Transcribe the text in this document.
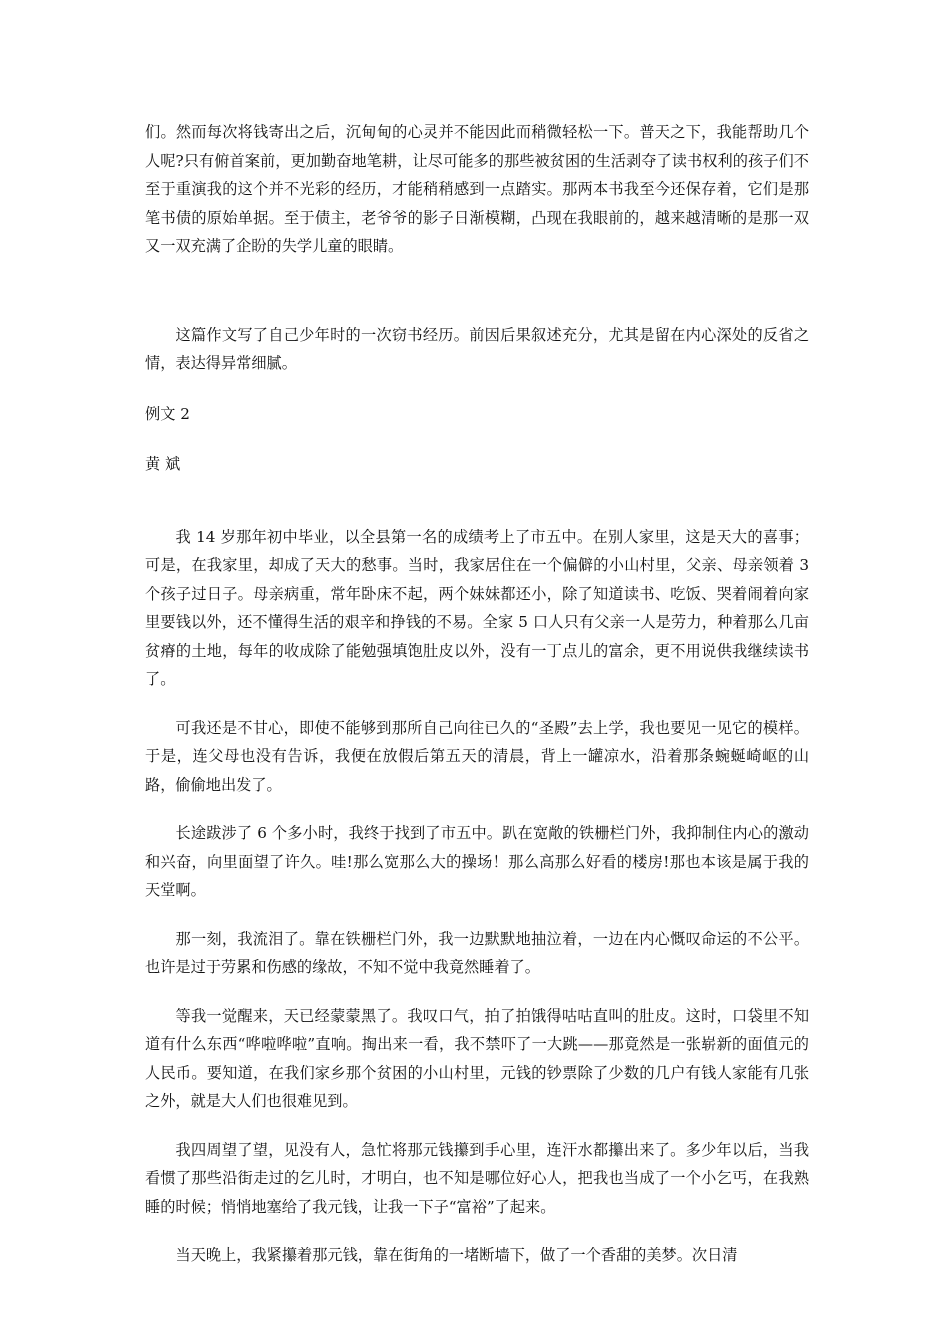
们。然而每次将钱寄出之后，沉甸甸的心灵并不能因此而稍微轻松一下。普天之下，我能帮助几个人呢?只有俯首案前，更加勤奋地笔耕，让尽可能多的那些被贫困的生活剥夺了读书权利的孩子们不至于重演我的这个并不光彩的经历，才能稍稍感到一点踏实。那两本书我至今还保存着，它们是那笔书债的原始单据。至于债主，老爷爷的影子日渐模糊，凸现在我眼前的，越来越清晰的是那一双又一双充满了企盼的失学儿童的眼睛。

这篇作文写了自己少年时的一次窃书经历。前因后果叙述充分，尤其是留在内心深处的反省之情，表达得异常细腻。

例文 2

黄 斌

我 14 岁那年初中毕业，以全县第一名的成绩考上了市五中。在别人家里，这是天大的喜事；可是，在我家里，却成了天大的愁事。当时，我家居住在一个偏僻的小山村里，父亲、母亲领着 3 个孩子过日子。母亲病重，常年卧床不起，两个妹妹都还小，除了知道读书、吃饭、哭着闹着向家里要钱以外，还不懂得生活的艰辛和挣钱的不易。全家 5 口人只有父亲一人是劳力，种着那么几亩贫瘠的土地，每年的收成除了能勉强填饱肚皮以外，没有一丁点儿的富余，更不用说供我继续读书了。

可我还是不甘心，即使不能够到那所自己向往已久的“圣殿”去上学，我也要见一见它的模样。于是，连父母也没有告诉，我便在放假后第五天的清晨，背上一罐凉水，沿着那条蜿蜒崎岖的山路，偷偷地出发了。

长途跋涉了 6 个多小时，我终于找到了市五中。趴在宽敞的铁栅栏门外，我抑制住内心的激动和兴奋，向里面望了许久。哇!那么宽那么大的操场！那么高那么好看的楼房!那也本该是属于我的天堂啊。

那一刻，我流泪了。靠在铁栅栏门外，我一边默默地抽泣着，一边在内心慨叹命运的不公平。也许是过于劳累和伤感的缘故，不知不觉中我竟然睡着了。

等我一觉醒来，天已经蒙蒙黑了。我叹口气，拍了拍饿得咕咕直叫的肚皮。这时，口袋里不知道有什么东西“哗啦哗啦”直响。掏出来一看，我不禁吓了一大跳——那竟然是一张崭新的面值元的人民币。要知道，在我们家乡那个贫困的小山村里，元钱的钞票除了少数的几户有钱人家能有几张之外，就是大人们也很难见到。

我四周望了望，见没有人，急忙将那元钱攥到手心里，连汗水都攥出来了。多少年以后，当我看惯了那些沿街走过的乞儿时，才明白，也不知是哪位好心人，把我也当成了一个小乞丐，在我熟睡的时候；悄悄地塞给了我元钱，让我一下子“富裕”了起来。

当天晚上，我紧攥着那元钱，靠在街角的一堵断墙下，做了一个香甜的美梦。次日清
